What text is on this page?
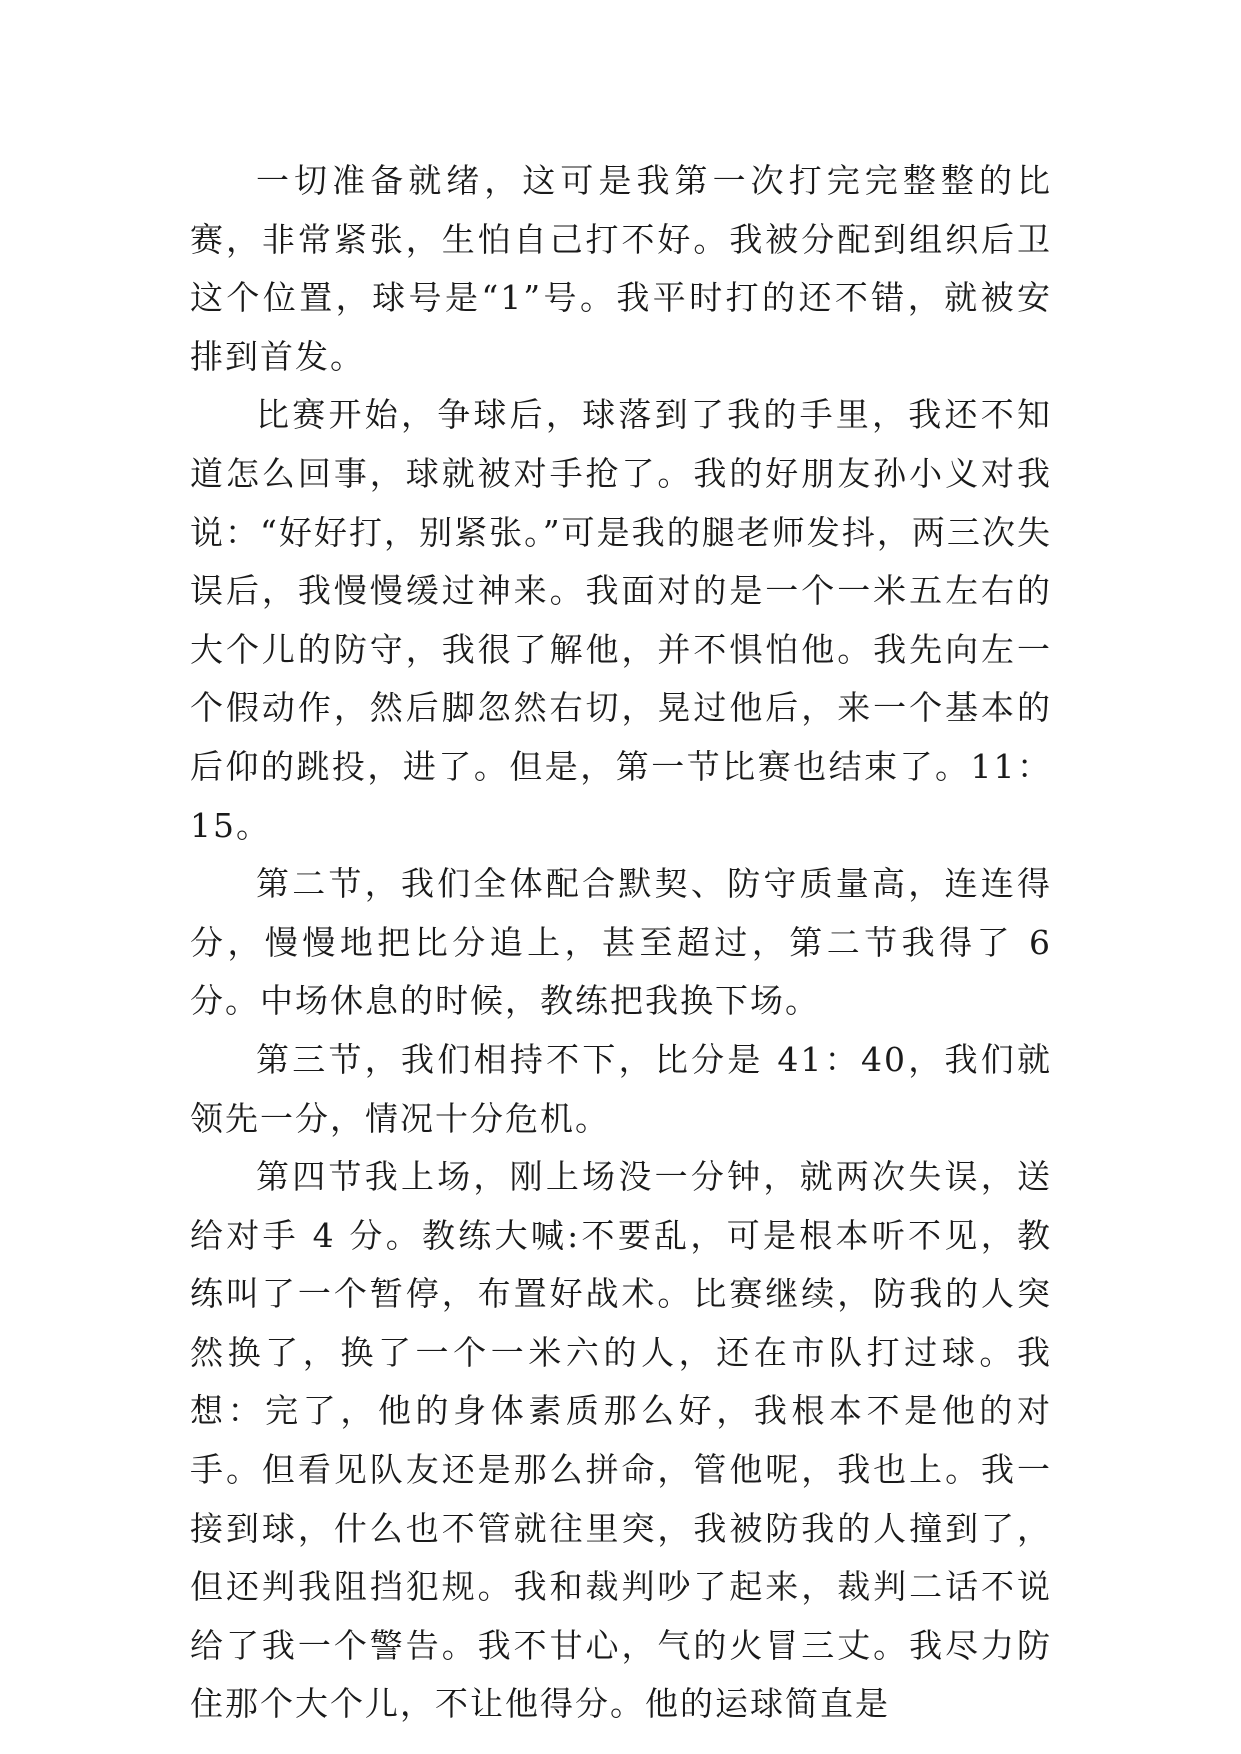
一切准备就绪，这可是我第一次打完完整整的比赛，非常紧张，生怕自己打不好。我被分配到组织后卫这个位置，球号是“1”号。我平时打的还不错，就被安排到首发。

比赛开始，争球后，球落到了我的手里，我还不知道怎么回事，球就被对手抢了。我的好朋友孙小义对我说：“好好打，别紧张。”可是我的腿老师发抖，两三次失误后，我慢慢缓过神来。我面对的是一个一米五左右的大个儿的防守，我很了解他，并不惧怕他。我先向左一个假动作，然后脚忽然右切，晃过他后，来一个基本的后仰的跳投，进了。但是，第一节比赛也结束了。11：15。

第二节，我们全体配合默契、防守质量高，连连得分，慢慢地把比分追上，甚至超过，第二节我得了 6 分。中场休息的时候，教练把我换下场。

第三节，我们相持不下，比分是 41：40，我们就领先一分，情况十分危机。

第四节我上场，刚上场没一分钟，就两次失误，送给对手 4 分。教练大喊:不要乱，可是根本听不见，教练叫了一个暂停，布置好战术。比赛继续，防我的人突然换了，换了一个一米六的人，还在市队打过球。我想：完了，他的身体素质那么好，我根本不是他的对手。但看见队友还是那么拼命，管他呢，我也上。我一接到球，什么也不管就往里突，我被防我的人撞到了，但还判我阻挡犯规。我和裁判吵了起来，裁判二话不说给了我一个警告。我不甘心，气的火冒三丈。我尽力防住那个大个儿，不让他得分。他的运球简直是
